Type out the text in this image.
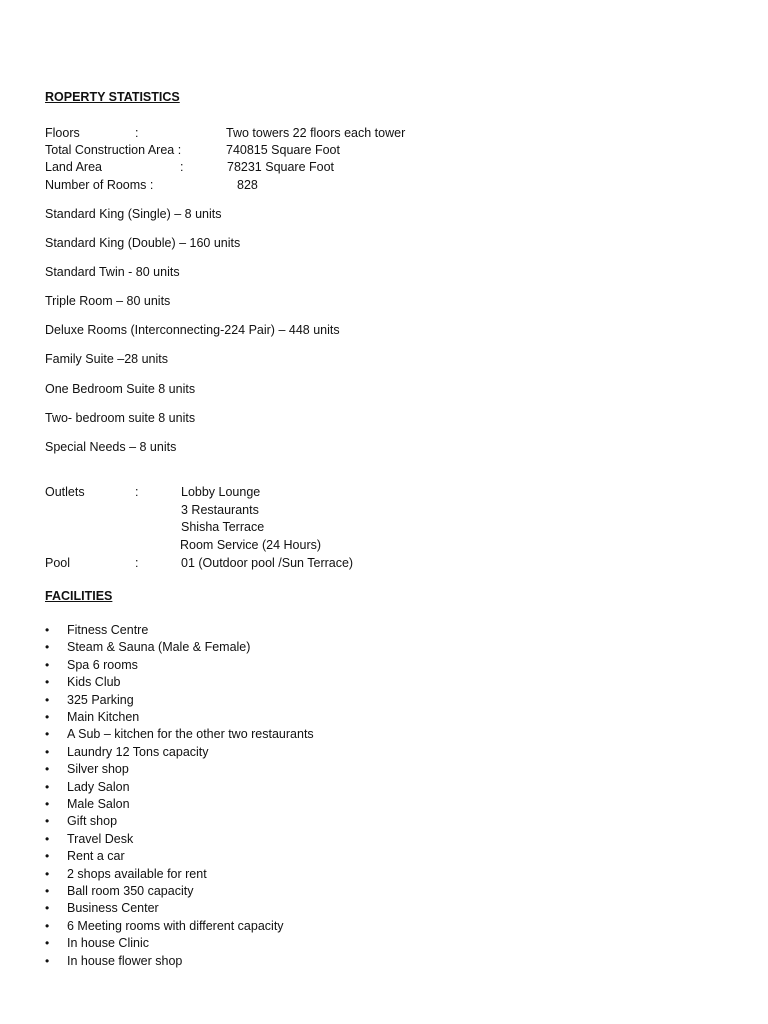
ROPERTY STATISTICS
Floors	:	Two towers 22 floors each tower
Total Construction Area :	740815 Square Foot
Land Area	:	78231 Square Foot
Number of Rooms :	828
Standard King (Single) – 8 units
Standard King (Double) – 160 units
Standard Twin - 80 units
Triple Room – 80 units
Deluxe Rooms (Interconnecting-224 Pair) – 448 units
Family Suite –28 units
One Bedroom Suite 8 units
Two- bedroom suite 8 units
Special Needs – 8 units
Outlets	:	Lobby Lounge
3 Restaurants
Shisha Terrace
Room Service (24 Hours)
Pool	:	01 (Outdoor pool /Sun Terrace)
FACILITIES
• Fitness Centre
• Steam & Sauna (Male & Female)
• Spa 6 rooms
• Kids Club
• 325 Parking
• Main Kitchen
• A Sub – kitchen for the other two restaurants
• Laundry 12 Tons capacity
• Silver shop
• Lady Salon
• Male Salon
• Gift shop
• Travel Desk
• Rent a car
• 2 shops available for rent
• Ball room 350 capacity
• Business Center
• 6 Meeting rooms with different capacity
• In house Clinic
• In house flower shop
